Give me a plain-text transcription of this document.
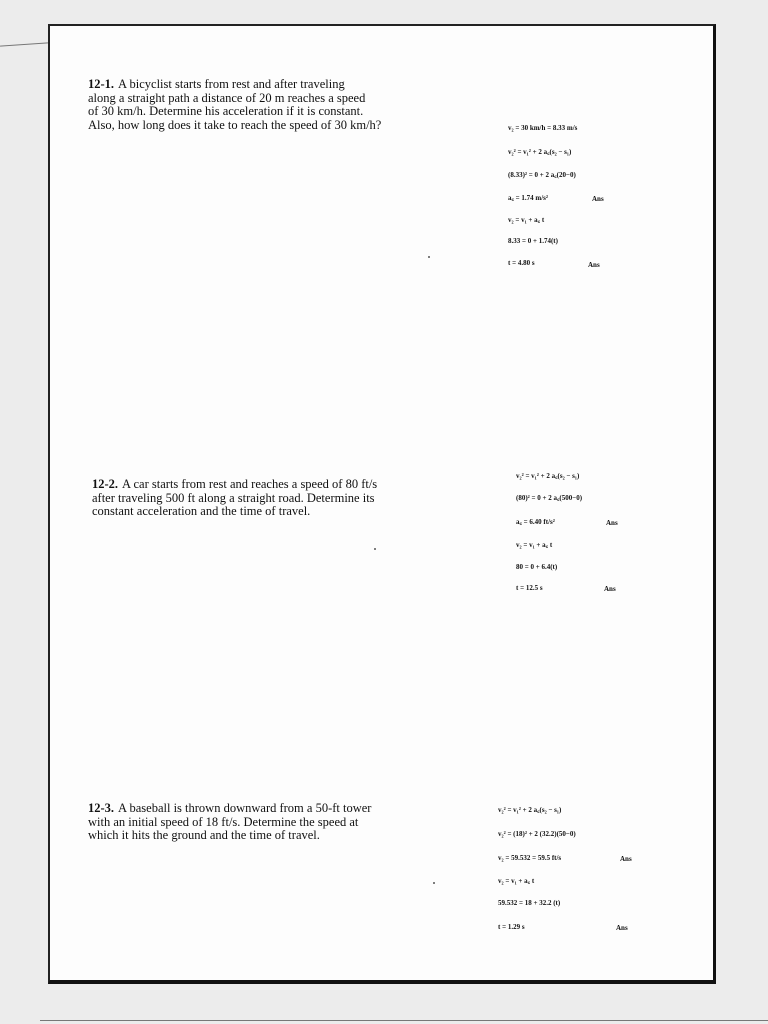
12-1. A bicyclist starts from rest and after traveling
along a straight path a distance of 20 m reaches a speed
of 30 km/h. Determine his acceleration if it is constant.
Also, how long does it take to reach the speed of 30 km/h?	v₂ = 30 km/h = 8.33 m/s
v₂² = v₁² + 2 a꜀(s₂ − s₁)
(8.33)² = 0 + 2 a꜀(20−0)
a꜀ = 1.74 m/s²	Ans
v₂ = v₁ + a꜀ t
8.33 = 0 + 1.74(t)
t = 4.80 s	Ans
12-2. A car starts from rest and reaches a speed of 80 ft/s
after traveling 500 ft along a straight road. Determine its
constant acceleration and the time of travel.
v₂² = v₁² + 2 a꜀(s₂ − s₁)
(80)² = 0 + 2 a꜀(500−0)
a꜀ = 6.40 ft/s²	Ans
v₂ = v₁ + a꜀ t
80 = 0 + 6.4(t)
t = 12.5 s	Ans
12-3. A baseball is thrown downward from a 50-ft tower
with an initial speed of 18 ft/s. Determine the speed at
which it hits the ground and the time of travel.
v₂² = v₁² + 2 a꜀(s₂ − s₁)
v₂² = (18)² + 2 (32.2)(50−0)
v₂ = 59.532 = 59.5 ft/s	Ans
v₂ = v₁ + a꜀ t
59.532 = 18 + 32.2 (t)
t = 1.29 s	Ans
